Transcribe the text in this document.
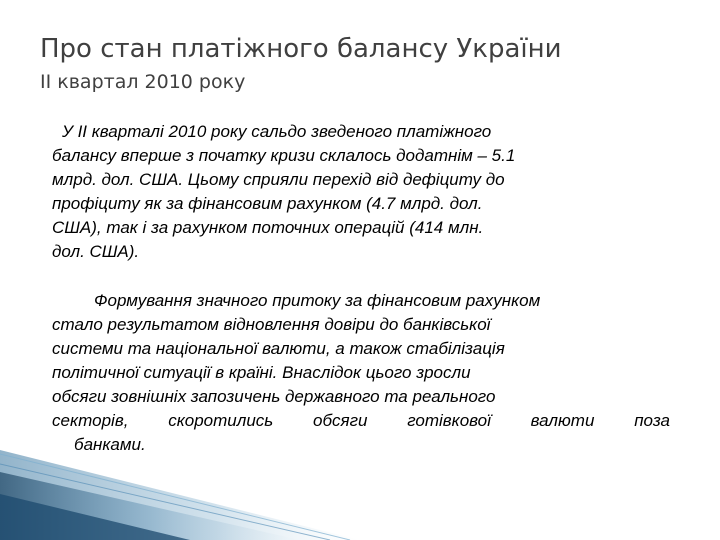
Про стан платіжного балансу України
II квартал 2010 року
У II кварталі 2010 року сальдо зведеного платіжного
балансу вперше з початку кризи склалось додатнім – 5.1
млрд. дол. США. Цьому сприяли перехід від дефіциту до
профіциту як за фінансовим рахунком (4.7 млрд. дол.
США), так і за рахунком поточних операцій (414 млн.
дол. США).
Формування значного притоку за фінансовим рахунком
стало результатом відновлення довіри до банківської
системи та національної валюти, а також стабілізація
політичної ситуації в країні. Внаслідок цього зросли
обсяги зовнішніх запозичень державного та реального
секторів, скоротились обсяги готівкової валюти поза
банками.
